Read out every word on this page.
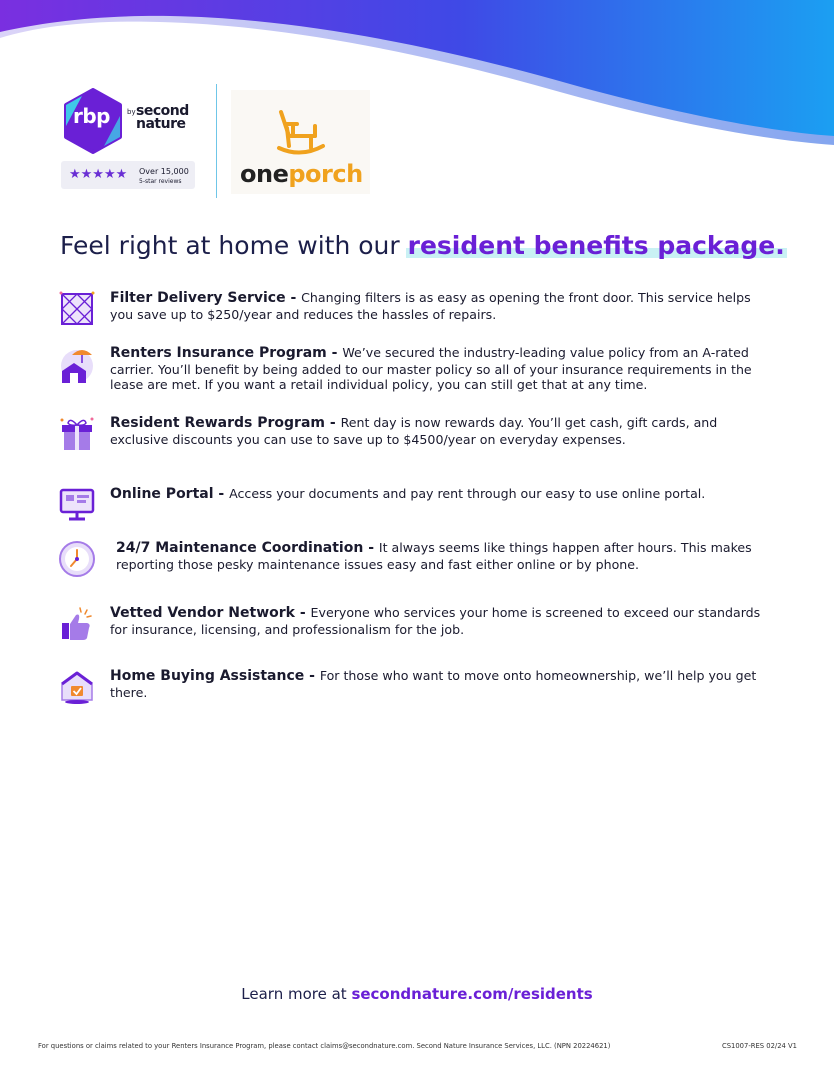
rbp by second
nature
★★★★★ Over 15,000
5-star reviews oneporch
Feel right at home with our resident benefits package.
Filter Delivery Service - Changing filters is as easy as opening the front door. This service helps you save up to $250/year and reduces the hassles of repairs.
Renters Insurance Program - We’ve secured the industry-leading value policy from an A-rated carrier. You’ll benefit by being added to our master policy so all of your insurance requirements in the lease are met. If you want a retail individual policy, you can still get that at any time.
Resident Rewards Program - Rent day is now rewards day. You’ll get cash, gift cards, and exclusive discounts you can use to save up to $4500/year on everyday expenses.
Online Portal - Access your documents and pay rent through our easy to use online portal.
24/7 Maintenance Coordination - It always seems like things happen after hours. This makes reporting those pesky maintenance issues easy and fast either online or by phone.
Vetted Vendor Network - Everyone who services your home is screened to exceed our standards for insurance, licensing, and professionalism for the job.
Home Buying Assistance - For those who want to move onto homeownership, we’ll help you get there.
Learn more at secondnature.com/residents
For questions or claims related to your Renters Insurance Program, please contact claims@secondnature.com. Second Nature Insurance Services, LLC. (NPN 20224621)	CS1007-RES 02/24 V1
